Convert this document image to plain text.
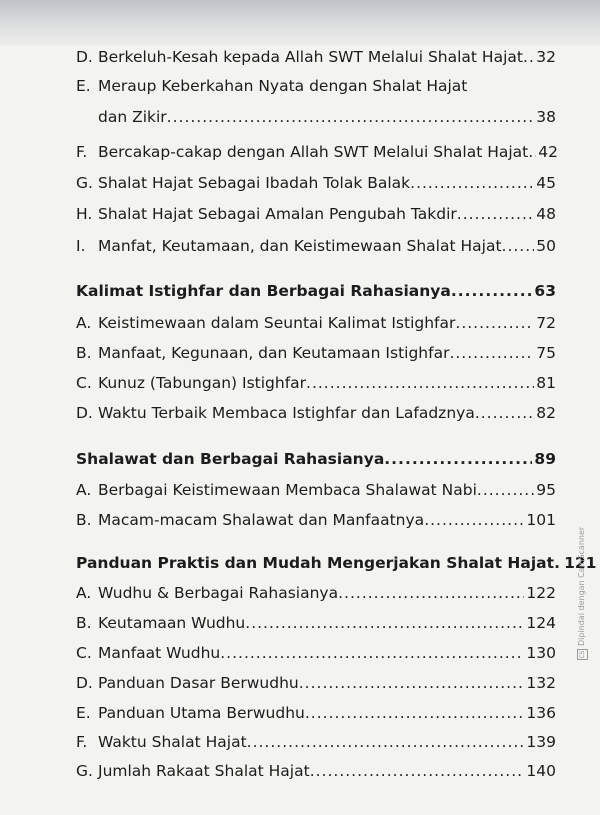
D. Berkeluh-Kesah kepada Allah SWT Melalui Shalat Hajat ..... 32
E. Meraup Keberkahan Nyata dengan Shalat Hajat
dan Zikir .....	38
F. Bercakap-cakap dengan Allah SWT Melalui Shalat Hajat ..... 42
G. Shalat Hajat Sebagai Ibadah Tolak Balak .....	45
H. Shalat Hajat Sebagai Amalan Pengubah Takdir .....	48
I. Manfat, Keutamaan, dan Keistimewaan Shalat Hajat ..... 50
Kalimat Istighfar dan Berbagai Rahasianya .....	63
A. Keistimewaan dalam Seuntai Kalimat Istighfar .....	72
B. Manfaat, Kegunaan, dan Keutamaan Istighfar .....	75
C. Kunuz (Tabungan) Istighfar .....	81
D. Waktu Terbaik Membaca Istighfar dan Lafadznya .....	82
Shalawat dan Berbagai Rahasianya .....	89
A. Berbagai Keistimewaan Membaca Shalawat Nabi .....	95
B. Macam-macam Shalawat dan Manfaatnya .....	101
Panduan Praktis dan Mudah Mengerjakan Shalat Hajat ..... 121
A. Wudhu & Berbagai Rahasianya .....	122
B. Keutamaan Wudhu .....	124
C. Manfaat Wudhu .....	130
D. Panduan Dasar Berwudhu .....	132
E. Panduan Utama Berwudhu .....	136
F. Waktu Shalat Hajat .....	139
G. Jumlah Rakaat Shalat Hajat .....	140
CSDipindai dengan CamScanner
